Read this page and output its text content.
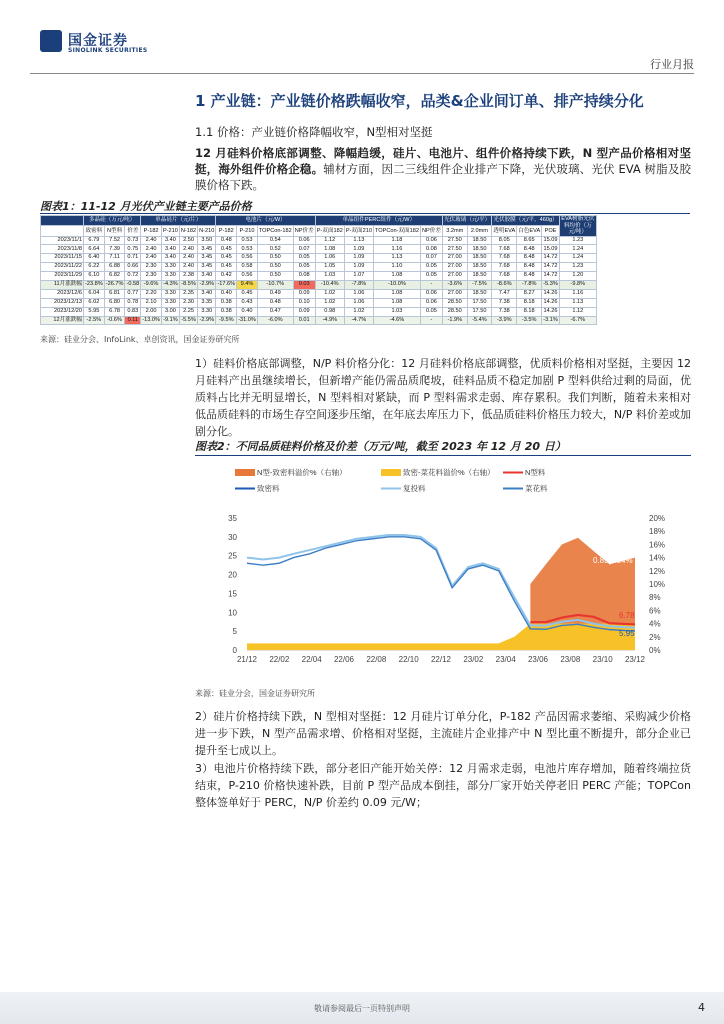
国金证券
SINOLINK SECURITIES
行业月报
1 产业链：产业链价格跌幅收窄，品类&企业间订单、排产持续分化
1.1 价格：产业链价格降幅收窄，N型相对坚挺
12 月硅料价格底部调整、降幅趋缓，硅片、电池片、组件价格持续下跌，N 型产品价格相对坚挺，海外组件价格企稳。辅材方面，因二三线组件企业排产下降，光伏玻璃、光伏 EVA 树脂及胶膜价格下跌。
图表1：11-12 月光伏产业链主要产品价格
	多晶硅（万元/吨）			单晶硅片（元/片）				电池片（元/W）				单晶组件PERC组件（元/W）				光伏玻璃（元/平）		光伏胶膜（元/平，460g）			EVA树脂光伏料均价（万元/吨）
	致密料	N型料	价差	P-182	P-210	N-182	N-210	P-182	P-210	TOPCon-182	NP价差	P-双面182	P-双面210	TOPCon-双面182	NP价差	3.2mm	2.0mm	透明EVA	白色EVA	POE	
2023/11/1	6.79	7.52	0.73	2.40	3.40	2.50	3.50	0.48	0.53	0.54	0.06	1.12	1.13	1.18	0.06	27.50	18.50	8.05	8.65	15.09	1.23
2023/11/8	6.64	7.39	0.75	2.40	3.40	2.40	3.45	0.45	0.53	0.52	0.07	1.08	1.09	1.16	0.08	27.50	18.50	7.68	8.48	15.09	1.24
2023/11/15	6.40	7.11	0.71	2.40	3.40	2.40	3.45	0.45	0.56	0.50	0.05	1.06	1.09	1.13	0.07	27.00	18.50	7.68	8.48	14.72	1.24
2023/11/22	6.22	6.88	0.66	2.30	3.30	2.40	3.45	0.45	0.58	0.50	0.05	1.05	1.09	1.10	0.05	27.00	18.50	7.68	8.48	14.72	1.23
2023/11/29	6.10	6.82	0.72	2.30	3.30	2.38	3.40	0.42	0.56	0.50	0.08	1.03	1.07	1.08	0.05	27.00	18.50	7.68	8.48	14.72	1.20
11月涨跌幅	-23.8%	-26.7%	-0.58	-9.6%	-4.3%	-8.5%	-2.9%	-17.6%	9.4%	-10.7%	0.03	-10.4%	-7.8%	-10.0%	-	-3.6%	-7.5%	-8.6%	-7.8%	-5.3%	-9.8%
2023/12/6	6.04	6.81	0.77	2.20	3.30	2.35	3.40	0.40	0.45	0.49	0.09	1.02	1.06	1.08	0.06	27.00	18.50	7.47	8.27	14.26	1.16
2023/12/13	6.02	6.80	0.78	2.10	3.30	2.30	3.35	0.38	0.43	0.48	0.10	1.02	1.06	1.08	0.06	28.50	17.50	7.38	8.18	14.26	1.13
2023/12/20	5.95	6.78	0.83	2.00	3.00	2.25	3.30	0.38	0.40	0.47	0.09	0.98	1.02	1.03	0.05	28.50	17.50	7.38	8.18	14.26	1.12
12月涨跌幅	-2.5%	-0.6%	0.11	-13.0%	-9.1%	-5.5%	-2.9%	-9.5%	-31.0%	-6.0%	0.01	-4.9%	-4.7%	-4.6%	-	-1.9%	-5.4%	-3.9%	-3.5%	-3.1%	-6.7%
来源：硅业分会、InfoLink、卓创资讯，国金证券研究所
1）硅料价格底部调整，N/P 料价格分化：12 月硅料价格底部调整，优质料价格相对坚挺，主要因 12 月硅料产出虽继续增长，但新增产能仍需品质爬坡，硅料品质不稳定加剧 P 型料供给过剩的局面，优质料占比并无明显增长，N 型料相对紧缺，而 P 型料需求走弱、库存累积。我们判断，随着未来相对低品质硅料的市场生存空间逐步压缩，在年底去库压力下，低品质硅料价格压力较大，N/P 料价差或加剧分化。
图表2：不同品质硅料价格及价差（万元/吨，截至 2023 年 12 月 20 日）
N型-致密料溢价%（右轴）	致密-菜花料溢价%（右轴）	N型料
致密料	复投料	菜花料
0
5
10
15
20
25
30
35
0%
2%
4%
6%
8%
10%
12%
14%
16%
18%
20%
21/12 22/02 22/04 22/06 22/08 22/10 22/12 23/02 23/04 23/06 23/08 23/10 23/12
0.83，14%
6.78
5.95
来源：硅业分会，国金证券研究所
2）硅片价格持续下跌，N 型相对坚挺：12 月硅片订单分化，P-182 产品因需求萎缩、采购减少价格进一步下跌，N 型产品需求增、价格相对坚挺，主流硅片企业排产中 N 型比重不断提升，部分企业已提升至七成以上。
3）电池片价格持续下跌，部分老旧产能开始关停：12 月需求走弱，电池片库存增加，随着终端拉货结束，P-210 价格快速补跌，目前 P 型产品成本倒挂，部分厂家开始关停老旧 PERC 产能；TOPCon 整体签单好于 PERC，N/P 价差约 0.09 元/W；
敬请参阅最后一页特别声明	4
